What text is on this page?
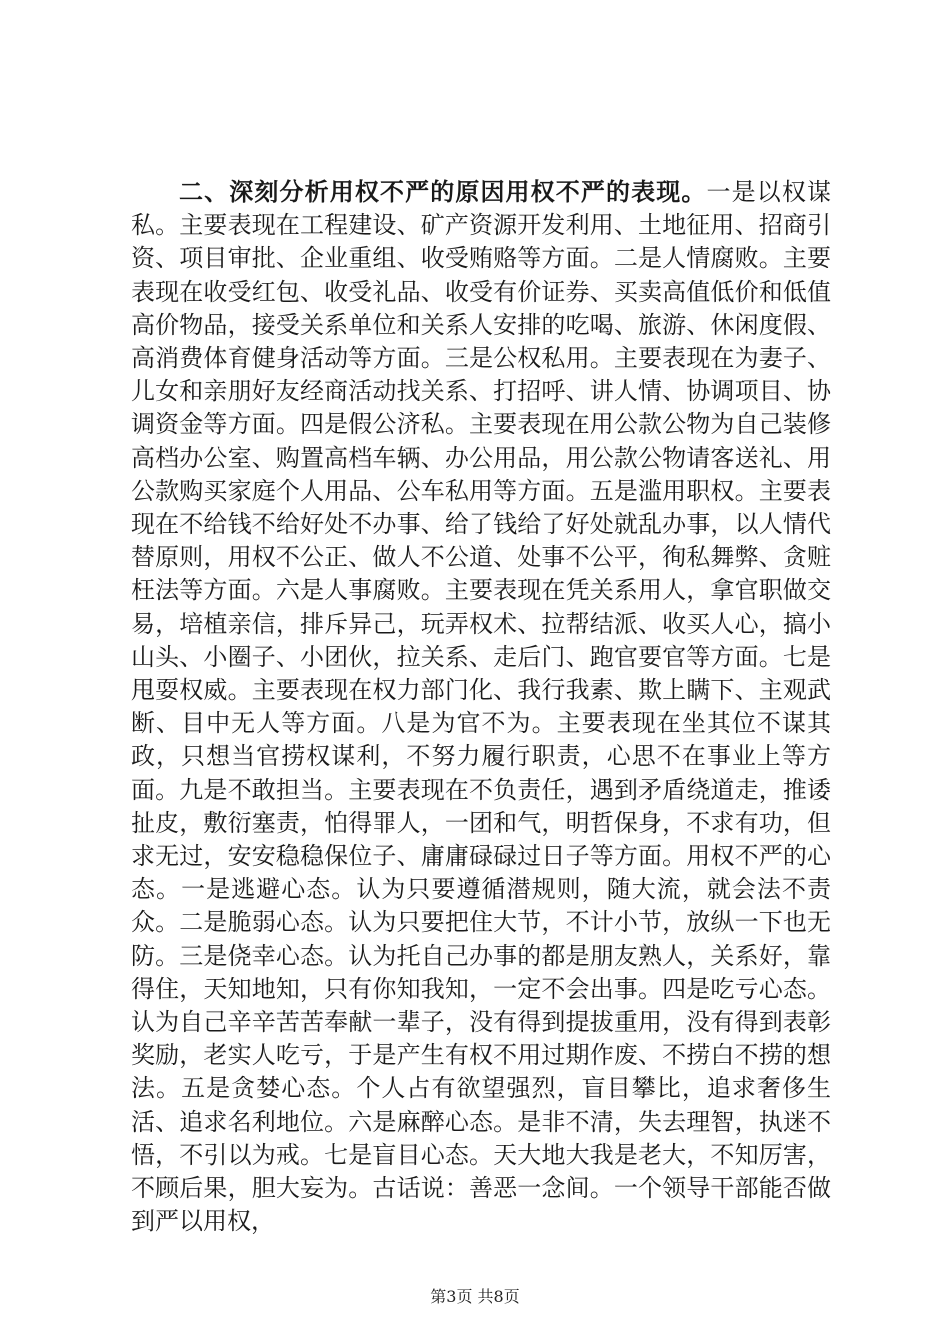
二、深刻分析用权不严的原因用权不严的表现。一是以权谋私。主要表现在工程建设、矿产资源开发利用、土地征用、招商引资、项目审批、企业重组、收受贿赂等方面。二是人情腐败。主要表现在收受红包、收受礼品、收受有价证券、买卖高值低价和低值高价物品，接受关系单位和关系人安排的吃喝、旅游、休闲度假、高消费体育健身活动等方面。三是公权私用。主要表现在为妻子、儿女和亲朋好友经商活动找关系、打招呼、讲人情、协调项目、协调资金等方面。四是假公济私。主要表现在用公款公物为自己装修高档办公室、购置高档车辆、办公用品，用公款公物请客送礼、用公款购买家庭个人用品、公车私用等方面。五是滥用职权。主要表现在不给钱不给好处不办事、给了钱给了好处就乱办事，以人情代替原则，用权不公正、做人不公道、处事不公平，徇私舞弊、贪赃枉法等方面。六是人事腐败。主要表现在凭关系用人，拿官职做交易，培植亲信，排斥异己，玩弄权术、拉帮结派、收买人心，搞小山头、小圈子、小团伙，拉关系、走后门、跑官要官等方面。七是甩耍权威。主要表现在权力部门化、我行我素、欺上瞒下、主观武断、目中无人等方面。八是为官不为。主要表现在坐其位不谋其政，只想当官捞权谋利，不努力履行职责，心思不在事业上等方面。九是不敢担当。主要表现在不负责任，遇到矛盾绕道走，推诿扯皮，敷衍塞责，怕得罪人，一团和气，明哲保身，不求有功，但求无过，安安稳稳保位子、庸庸碌碌过日子等方面。用权不严的心态。一是逃避心态。认为只要遵循潜规则，随大流，就会法不责众。二是脆弱心态。认为只要把住大节，不计小节，放纵一下也无防。三是侥幸心态。认为托自己办事的都是朋友熟人，关系好，靠得住，天知地知，只有你知我知，一定不会出事。四是吃亏心态。认为自己辛辛苦苦奉献一辈子，没有得到提拔重用，没有得到表彰奖励，老实人吃亏，于是产生有权不用过期作废、不捞白不捞的想法。五是贪婪心态。个人占有欲望强烈，盲目攀比，追求奢侈生活、追求名利地位。六是麻醉心态。是非不清，失去理智，执迷不悟，不引以为戒。七是盲目心态。天大地大我是老大，不知厉害，不顾后果，胆大妄为。古话说：善恶一念间。一个领导干部能否做到严以用权，

第3页 共8页
